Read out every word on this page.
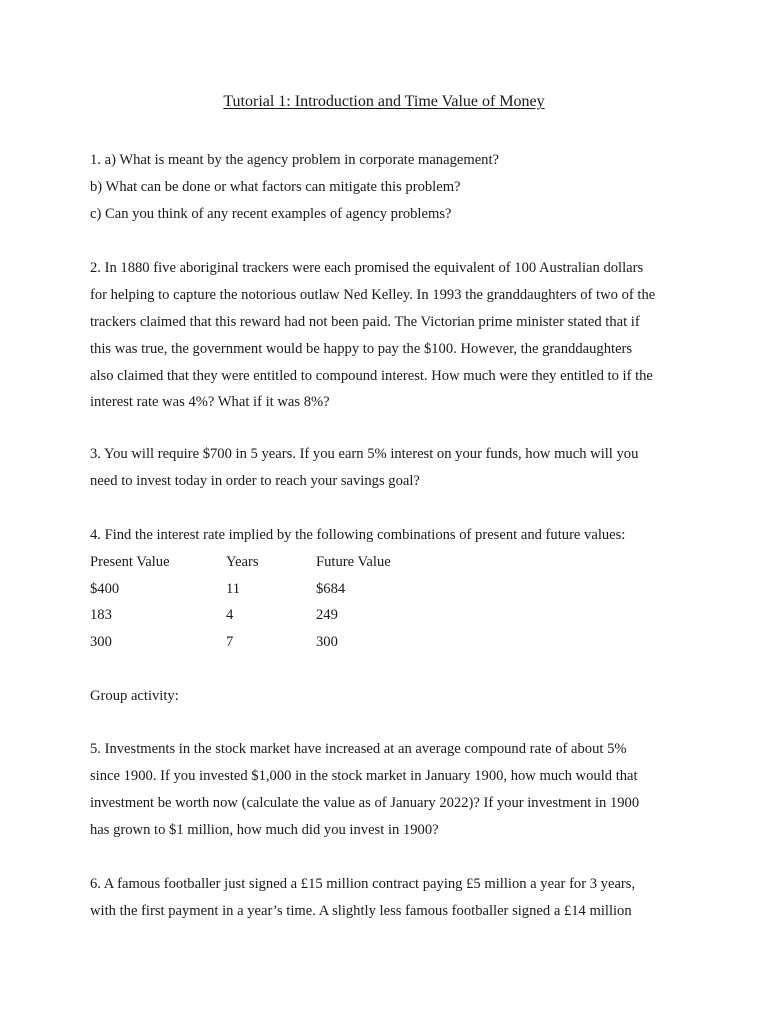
Tutorial 1: Introduction and Time Value of Money
1. a) What is meant by the agency problem in corporate management?
b) What can be done or what factors can mitigate this problem?
c) Can you think of any recent examples of agency problems?
2. In 1880 five aboriginal trackers were each promised the equivalent of 100 Australian dollars
for helping to capture the notorious outlaw Ned Kelley. In 1993 the granddaughters of two of the
trackers claimed that this reward had not been paid. The Victorian prime minister stated that if
this was true, the government would be happy to pay the $100. However, the granddaughters
also claimed that they were entitled to compound interest. How much were they entitled to if the
interest rate was 4%? What if it was 8%?
3. You will require $700 in 5 years. If you earn 5% interest on your funds, how much will you
need to invest today in order to reach your savings goal?
4. Find the interest rate implied by the following combinations of present and future values:
Present Value	Years	Future Value
$400	11	$684
183	4	249
300	7	300
Group activity:
5. Investments in the stock market have increased at an average compound rate of about 5%
since 1900. If you invested $1,000 in the stock market in January 1900, how much would that
investment be worth now (calculate the value as of January 2022)? If your investment in 1900
has grown to $1 million, how much did you invest in 1900?
6. A famous footballer just signed a £15 million contract paying £5 million a year for 3 years,
with the first payment in a year’s time. A slightly less famous footballer signed a £14 million
